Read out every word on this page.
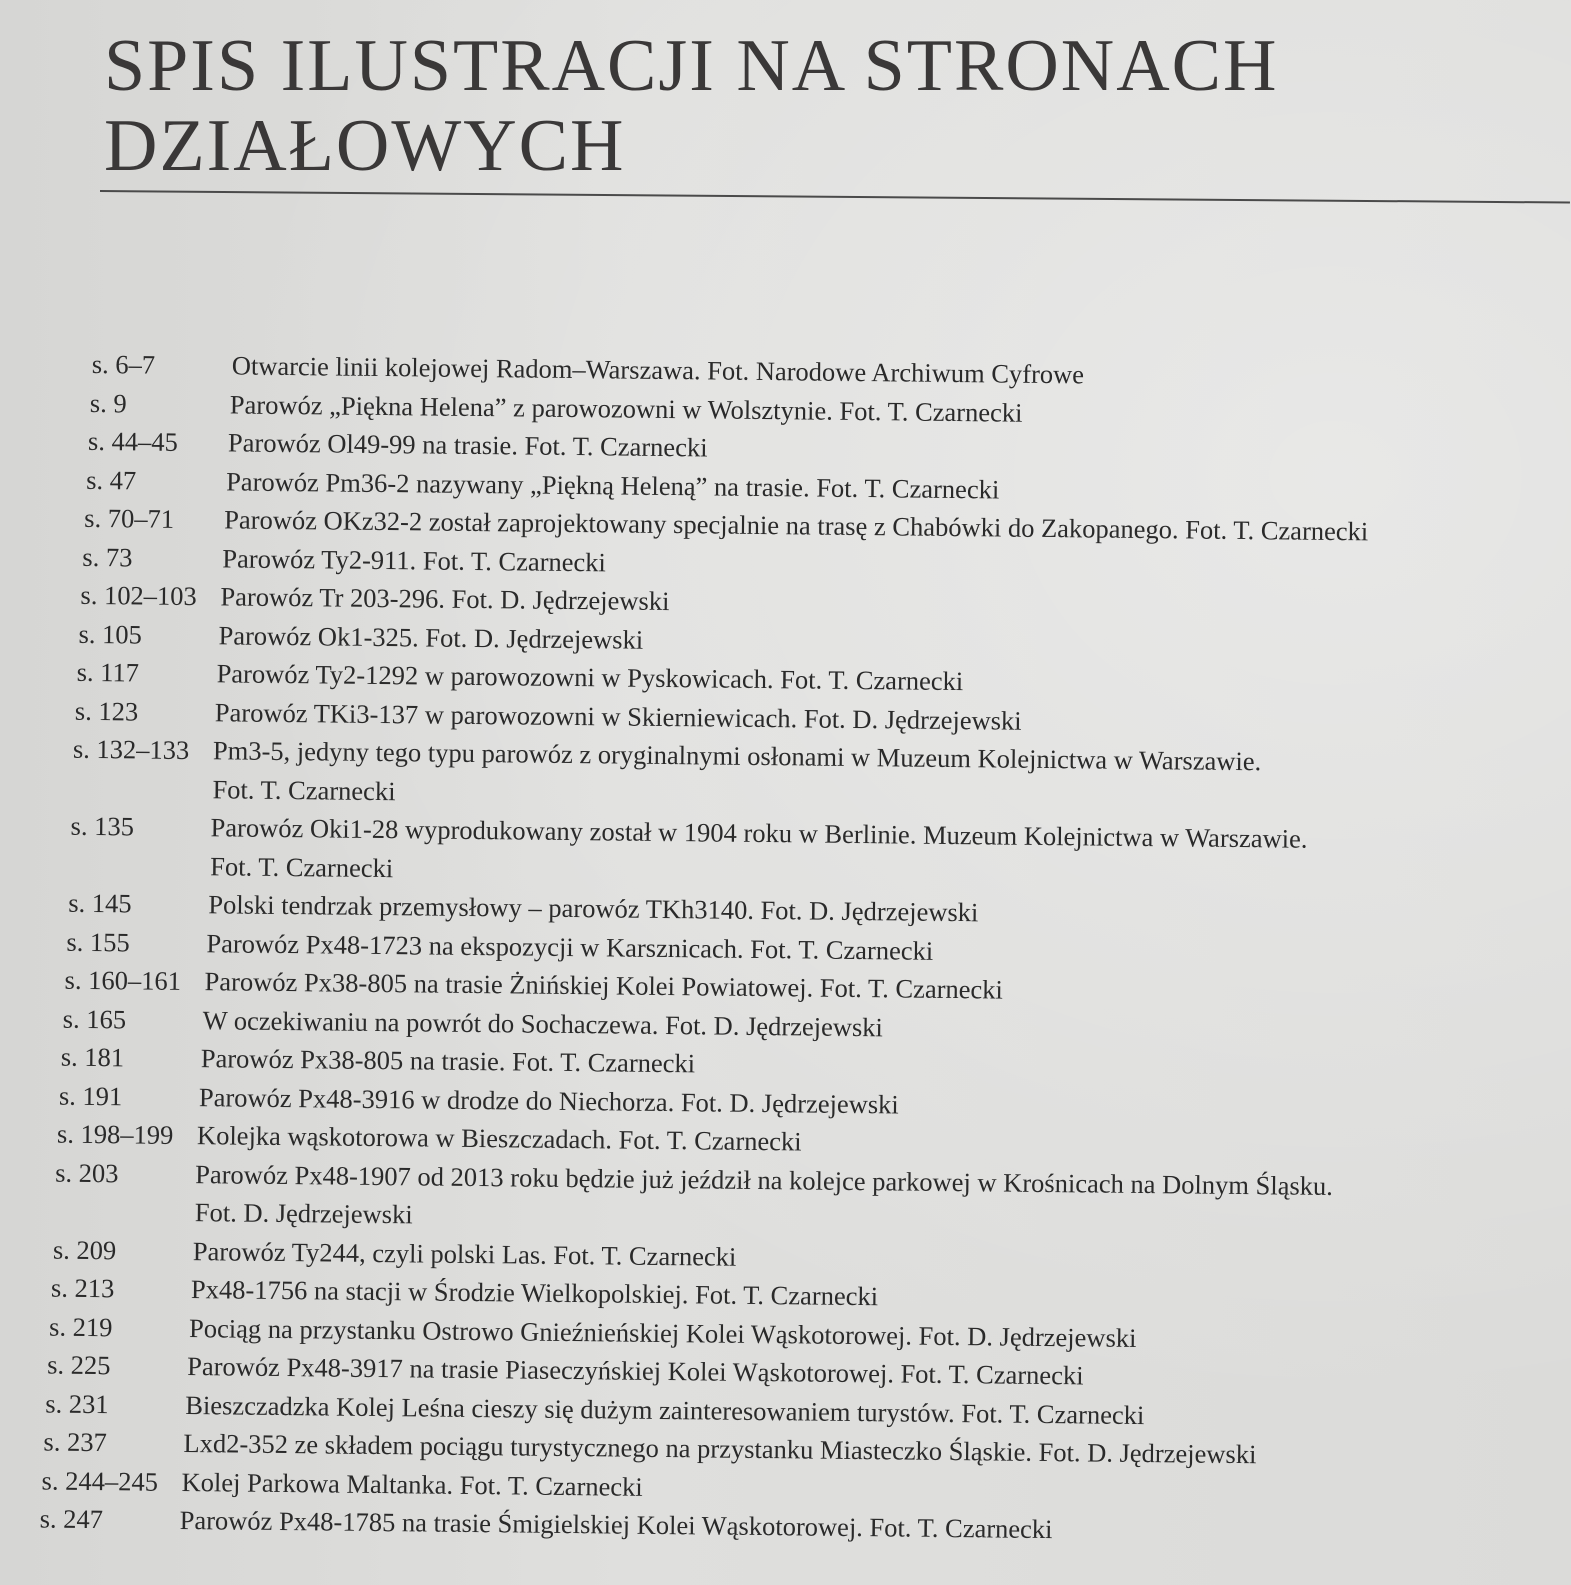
SPIS ILUSTRACJI NA STRONACH
DZIAŁOWYCH
s. 6–7	Otwarcie linii kolejowej Radom–Warszawa. Fot. Narodowe Archiwum Cyfrowe
s. 9	Parowóz „Piękna Helena” z parowozowni w Wolsztynie. Fot. T. Czarnecki
s. 44–45	Parowóz Ol49-99 na trasie. Fot. T. Czarnecki
s. 47	Parowóz Pm36-2 nazywany „Piękną Heleną” na trasie. Fot. T. Czarnecki
s. 70–71	Parowóz OKz32-2 został zaprojektowany specjalnie na trasę z Chabówki do Zakopanego. Fot. T. Czarnecki
s. 73	Parowóz Ty2-911. Fot. T. Czarnecki
s. 102–103 Parowóz Tr 203-296. Fot. D. Jędrzejewski
s. 105	Parowóz Ok1-325. Fot. D. Jędrzejewski
s. 117	Parowóz Ty2-1292 w parowozowni w Pyskowicach. Fot. T. Czarnecki
s. 123	Parowóz TKi3-137 w parowozowni w Skierniewicach. Fot. D. Jędrzejewski
s. 132–133 Pm3-5, jedyny tego typu parowóz z oryginalnymi osłonami w Muzeum Kolejnictwa w Warszawie.
Fot. T. Czarnecki
s. 135	Parowóz Oki1-28 wyprodukowany został w 1904 roku w Berlinie. Muzeum Kolejnictwa w Warszawie.
Fot. T. Czarnecki
s. 145	Polski tendrzak przemysłowy – parowóz TKh3140. Fot. D. Jędrzejewski
s. 155	Parowóz Px48-1723 na ekspozycji w Karsznicach. Fot. T. Czarnecki
s. 160–161 Parowóz Px38-805 na trasie Żnińskiej Kolei Powiatowej. Fot. T. Czarnecki
s. 165	W oczekiwaniu na powrót do Sochaczewa. Fot. D. Jędrzejewski
s. 181	Parowóz Px38-805 na trasie. Fot. T. Czarnecki
s. 191	Parowóz Px48-3916 w drodze do Niechorza. Fot. D. Jędrzejewski
s. 198–199 Kolejka wąskotorowa w Bieszczadach. Fot. T. Czarnecki
s. 203	Parowóz Px48-1907 od 2013 roku będzie już jeździł na kolejce parkowej w Krośnicach na Dolnym Śląsku.
Fot. D. Jędrzejewski
s. 209	Parowóz Ty244, czyli polski Las. Fot. T. Czarnecki
s. 213	Px48-1756 na stacji w Środzie Wielkopolskiej. Fot. T. Czarnecki
s. 219	Pociąg na przystanku Ostrowo Gnieźnieńskiej Kolei Wąskotorowej. Fot. D. Jędrzejewski
s. 225	Parowóz Px48-3917 na trasie Piaseczyńskiej Kolei Wąskotorowej. Fot. T. Czarnecki
s. 231	Bieszczadzka Kolej Leśna cieszy się dużym zainteresowaniem turystów. Fot. T. Czarnecki
s. 237	Lxd2-352 ze składem pociągu turystycznego na przystanku Miasteczko Śląskie. Fot. D. Jędrzejewski
s. 244–245 Kolej Parkowa Maltanka. Fot. T. Czarnecki
s. 247	Parowóz Px48-1785 na trasie Śmigielskiej Kolei Wąskotorowej. Fot. T. Czarnecki
